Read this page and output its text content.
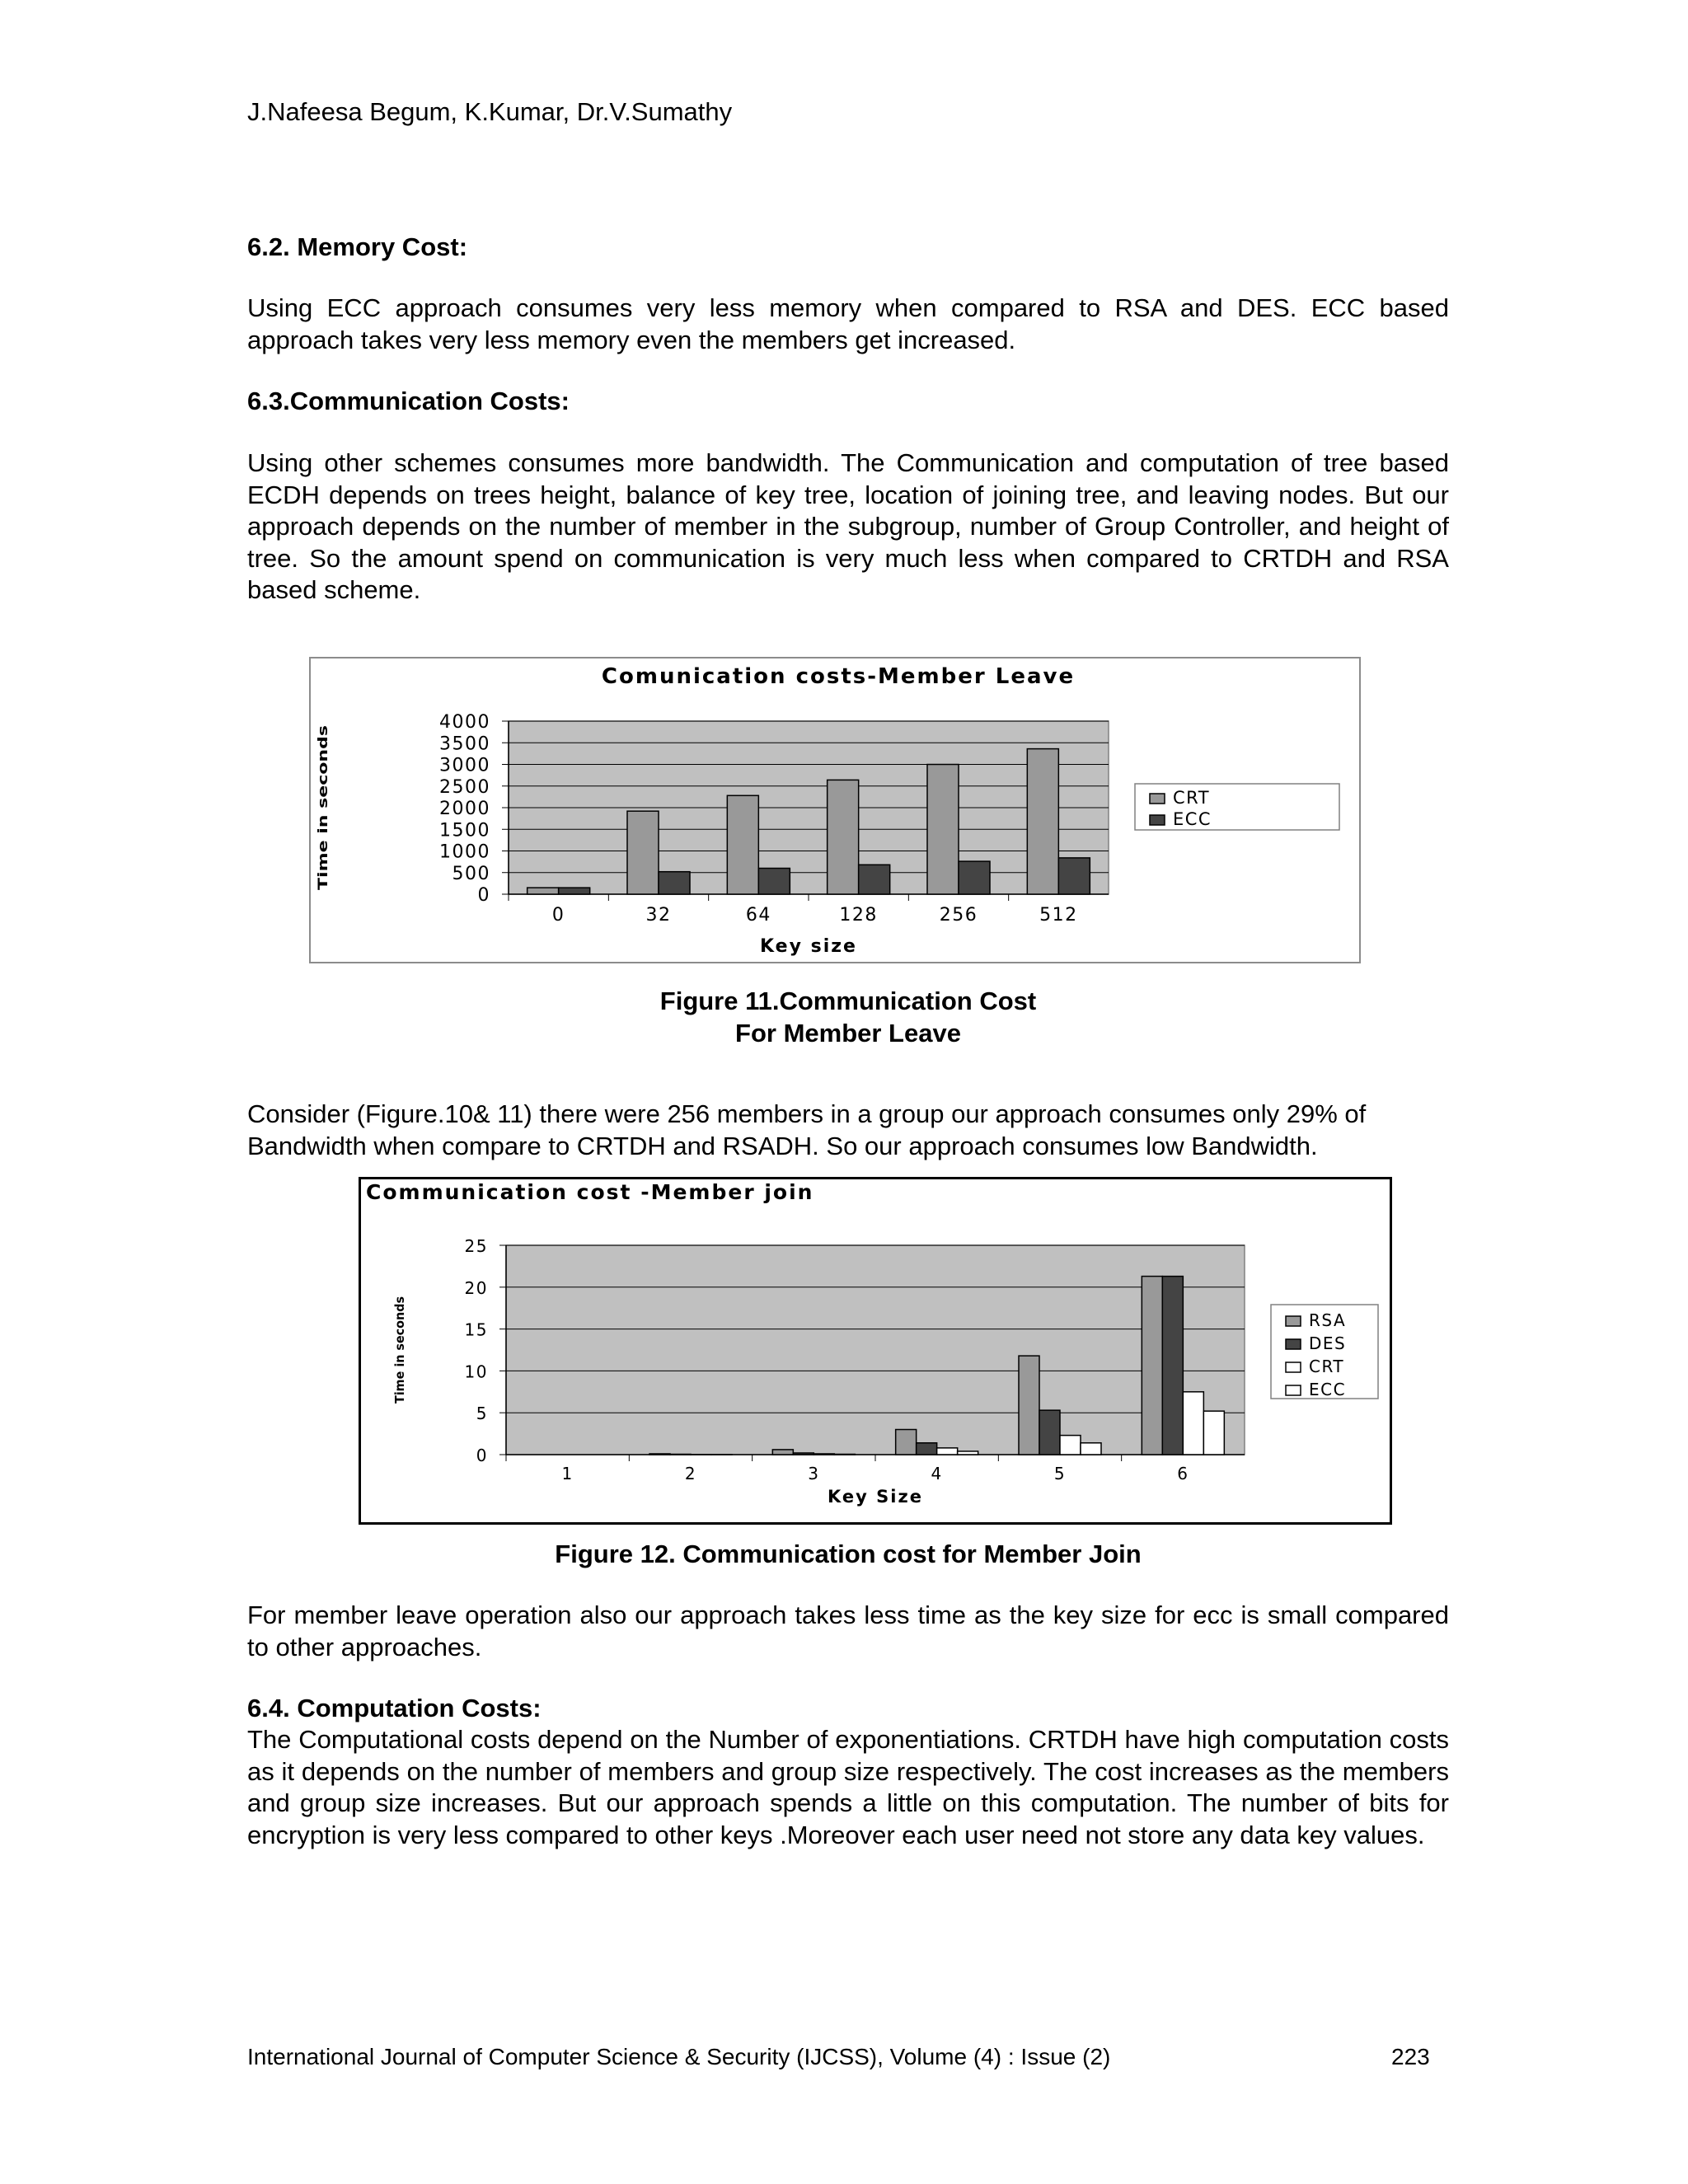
J.Nafeesa Begum, K.Kumar, Dr.V.Sumathy
6.2. Memory Cost:
Using ECC approach consumes very less memory when compared to RSA and DES. ECC based approach takes very less memory even the members get increased.
6.3.Communication Costs:
Using other schemes consumes more bandwidth. The Communication and computation of tree based ECDH depends on trees height, balance of key tree, location of joining tree, and leaving nodes. But our approach depends on the number of member in the subgroup, number of Group Controller, and height of tree. So the amount spend on communication is very much less when compared to CRTDH and RSA based scheme.
Comunication costs-Member Leave
0
500
1000
1500
2000
2500
3000
3500
4000
0	32	64	128	256	512
Key size
Time in seconds	CRT
ECC
Figure 11.Communication Cost
For Member Leave
Consider (Figure.10& 11) there were 256 members in a group our approach consumes only 29% of Bandwidth when compare to CRTDH and RSADH. So our approach consumes low Bandwidth.
Communication cost -Member join
0
5
10
15
20
25
1	2	3	4	5	6
Key Size
Time in seconds	RSA
DES
CRT
ECC
Figure 12. Communication cost for Member Join
For member leave operation also our approach takes less time as the key size for ecc is small compared to other approaches.
6.4. Computation Costs:
The Computational costs depend on the Number of exponentiations. CRTDH have high computation costs as it depends on the number of members and group size respectively. The cost increases as the members and group size increases. But our approach spends a little on this computation. The number of bits for encryption is very less compared to other keys .Moreover each user need not store any data key values.
International Journal of Computer Science & Security (IJCSS), Volume (4) : Issue (2)	223
